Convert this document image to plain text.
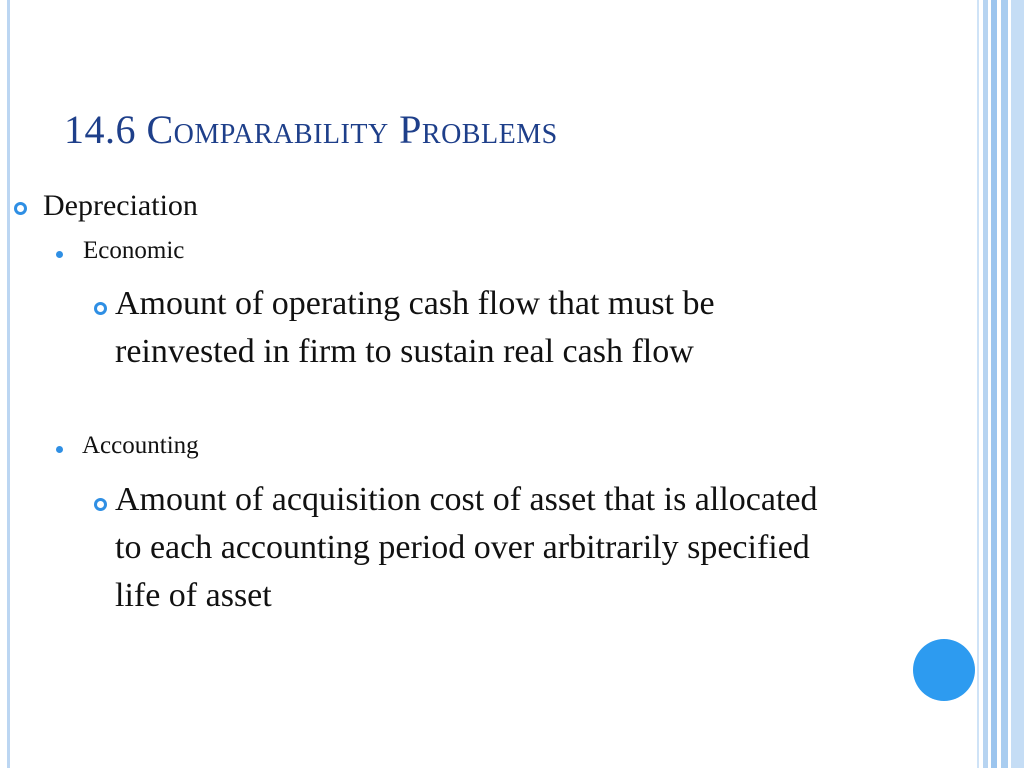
14.6 Comparability Problems
Depreciation
Economic
Amount of operating cash flow that must be reinvested in firm to sustain real cash flow
Accounting
Amount of acquisition cost of asset that is allocated to each accounting period over arbitrarily specified life of asset
